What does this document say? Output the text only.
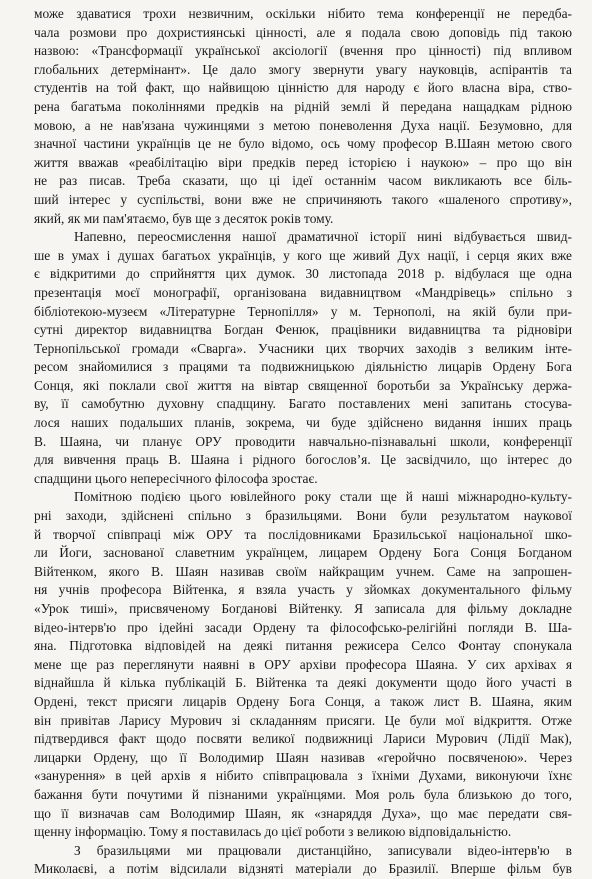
може здаватися трохи незвичним, оскільки нібито тема конференції не передба-
чала розмови про дохристиянські цінності, але я подала свою доповідь під такою
назвою: «Трансформації української аксіології (вчення про цінності) під впливом
глобальних детермінант». Це дало змогу звернути увагу науковців, аспірантів та
студентів на той факт, що найвищою цінністю для народу є його власна віра, ство-
рена багатьма поколіннями предків на рідній землі й передана нащадкам рідною
мовою, а не нав'язана чужинцями з метою поневолення Духа нації. Безумовно, для
значної частини українців це не було відомо, ось чому професор В.Шаян метою свого
життя вважав «реабілітацію віри предків перед історією і наукою» – про що він
не раз писав. Треба сказати, що ці ідеї останнім часом викликають все біль-
ший інтерес у суспільстві, вони вже не спричиняють такого «шаленого спротиву»,
який, як ми пам'ятаємо, був ще з десяток років тому.
Напевно, переосмислення нашої драматичної історії нині відбувається швид-
ше в умах і душах багатьох українців, у кого ще живий Дух нації, і серця яких вже
є відкритими до сприйняття цих думок. 30 листопада 2018 р. відбулася ще одна
презентація моєї монографії, організована видавництвом «Мандрівець» спільно з
бібліотекою-музеєм «Літературне Тернопілля» у м. Тернополі, на якій були при-
сутні директор видавництва Богдан Фенюк, працівники видавництва та рідновіри
Тернопільської громади «Сварга». Учасники цих творчих заходів з великим інте-
ресом знайомилися з працями та подвижницькою діяльністю лицарів Ордену Бога
Сонця, які поклали свої життя на вівтар священної боротьби за Українську держа-
ву, її самобутню духовну спадщину. Багато поставлених мені запитань стосува-
лося наших подальших планів, зокрема, чи буде здійснено видання інших праць
В. Шаяна, чи планує ОРУ проводити навчально-пізнавальні школи, конференції
для вивчення праць В. Шаяна і рідного богословʼя. Це засвідчило, що інтерес до
спадщини цього непересічного філософа зростає.
Помітною подією цього ювілейного року стали ще й наші міжнародно-культу-
рні заходи, здійснені спільно з бразильцями. Вони були результатом наукової
й творчої співпраці між ОРУ та послідовниками Бразильської національної шко-
ли Йоги, заснованої славетним українцем, лицарем Ордену Бога Сонця Богданом
Війтенком, якого В. Шаян називав своїм найкращим учнем. Саме на запрошен-
ня учнів професора Війтенка, я взяла участь у зйомках документального фільму
«Урок тиші», присвяченому Богданові Війтенку. Я записала для фільму докладне
відео-інтерв'ю про ідейні засади Ордену та філософсько-релігійні погляди В. Ша-
яна. Підготовка відповідей на деякі питання режисера Селсо Фонтау спонукала
мене ще раз переглянути наявні в ОРУ архіви професора Шаяна. У сих архівах я
віднайшла й кілька публікацій Б. Війтенка та деякі документи щодо його участі в
Ордені, текст присяги лицарів Ордену Бога Сонця, а також лист В. Шаяна, яким
він привітав Ларису Мурович зі складанням присяги. Це були мої відкриття. Отже
підтвердився факт щодо посвяти великої подвижниці Лариси Мурович (Лідії Мак),
лицарки Ордену, що її Володимир Шаян називав «геройчно посвяченою». Через
«занурення» в цей архів я нібито співпрацювала з їхніми Духами, виконуючи їхнє
бажання бути почутими й пізнаними українцями. Моя роль була близькою до того,
що її визначав сам Володимир Шаян, як «знаряддя Духа», що має передати свя-
щенну інформацію. Тому я поставилась до цієї роботи з великою відповідальністю.
З бразильцями ми працювали дистанційно, записували відео-інтерв'ю в
Миколаєві, а потім відсилали відзняті матеріали до Бразилії. Вперше фільм був
